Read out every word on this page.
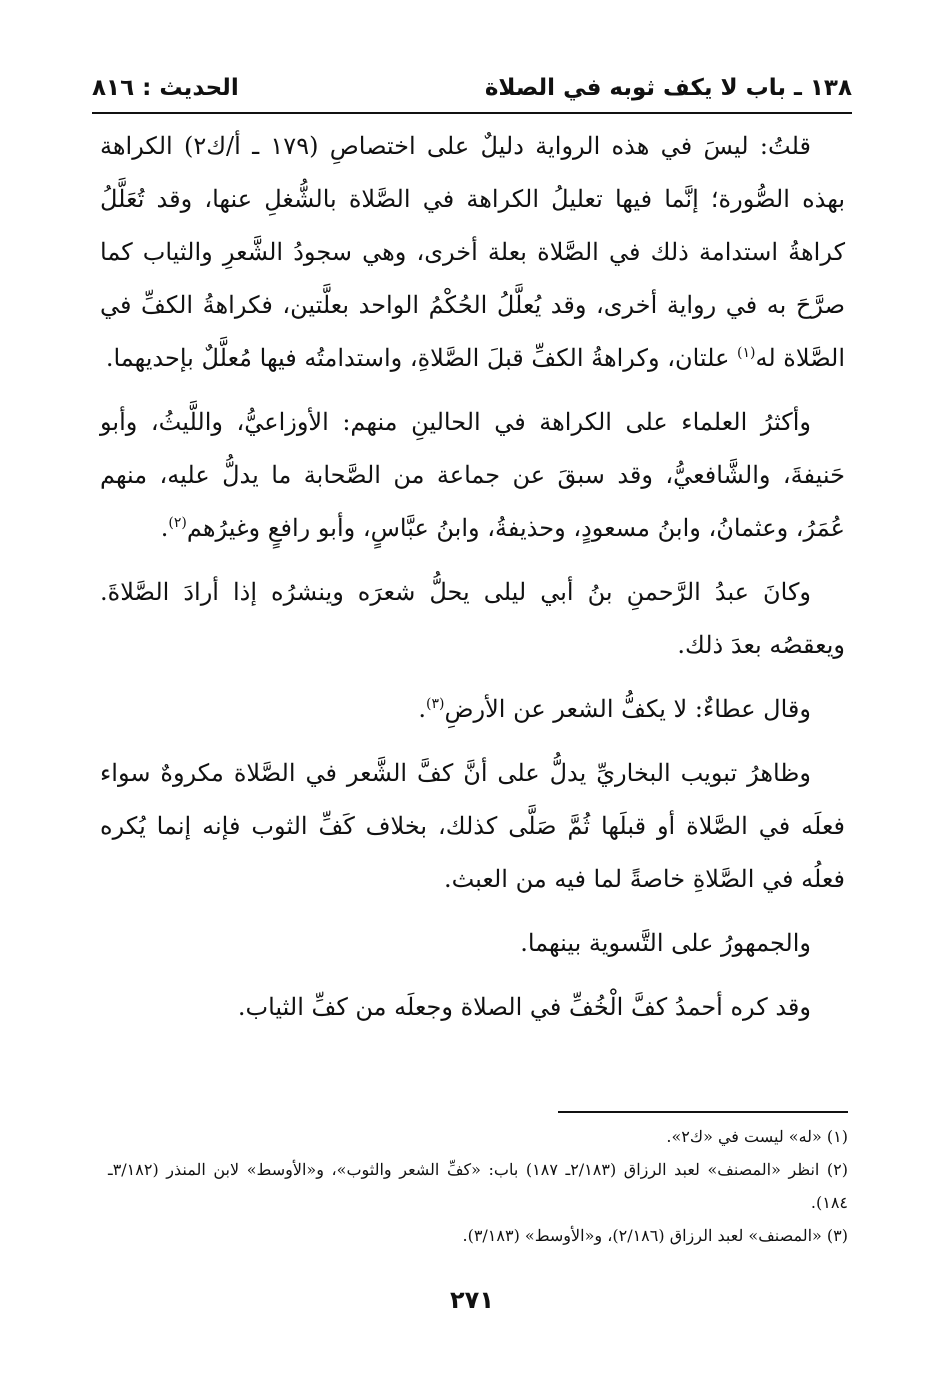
١٣٨ ـ باب لا يكف ثوبه في الصلاة
الحديث : ٨١٦

قلتُ: ليسَ في هذه الرواية دليلٌ على اختصاصِ (١٧٩ ـ أ/ك٢) الكراهة بهذه الصُّورة؛ إنَّما فيها تعليلُ الكراهة في الصَّلاة بالشُّغلِ عنها، وقد تُعَلَّلُ كراهةُ استدامة ذلك في الصَّلاة بعلة أخرى، وهي سجودُ الشَّعرِ والثياب كما صرَّحَ به في رواية أخرى، وقد يُعلَّلُ الحُكْمُ الواحد بعلَّتين، فكراهةُ الكفِّ في الصَّلاة له$^{(١)}$ علتان، وكراهةُ الكفِّ قبلَ الصَّلاةِ، واستدامتُه فيها مُعلَّلٌ بإحديهما.

وأكثرُ العلماء على الكراهة في الحالينِ منهم: الأوزاعيُّ، واللَّيثُ، وأبو حَنيفةَ، والشَّافعيُّ، وقد سبقَ عن جماعة من الصَّحابة ما يدلُّ عليه، منهم عُمَرُ، وعثمانُ، وابنُ مسعودٍ، وحذيفةُ، وابنُ عبَّاسٍ، وأبو رافعٍ وغيرُهم$^{(٢)}$.

وكانَ عبدُ الرَّحمنِ بنُ أبي ليلى يحلُّ شعرَه وينشرُه إذا أرادَ الصَّلاةَ. ويعقصُه بعدَ ذلك.

وقال عطاءٌ: لا يكفُّ الشعر عن الأرضِ$^{(٣)}$.

وظاهرُ تبويب البخاريِّ يدلُّ على أنَّ كفَّ الشَّعر في الصَّلاة مكروهٌ سواء فعلَه في الصَّلاة أو قبلَها ثُمَّ صَلَّى كذلك، بخلاف كَفِّ الثوب فإنه إنما يُكره فعلُه في الصَّلاةِ خاصةً لما فيه من العبث.

والجمهورُ على التَّسوية بينهما.

وقد كره أحمدُ كفَّ الْخُفِّ في الصلاة وجعلَه من كفِّ الثياب.

(١) «له» ليست في «ك٢».

(٢) انظر «المصنف» لعبد الرزاق (٢/١٨٣ـ ١٨٧) باب: «كفِّ الشعر والثوب»، و«الأوسط» لابن المنذر (٣/١٨٢ـ ١٨٤).

(٣) «المصنف» لعبد الرزاق (٢/١٨٦)، و«الأوسط» (٣/١٨٣).

٢٧١
